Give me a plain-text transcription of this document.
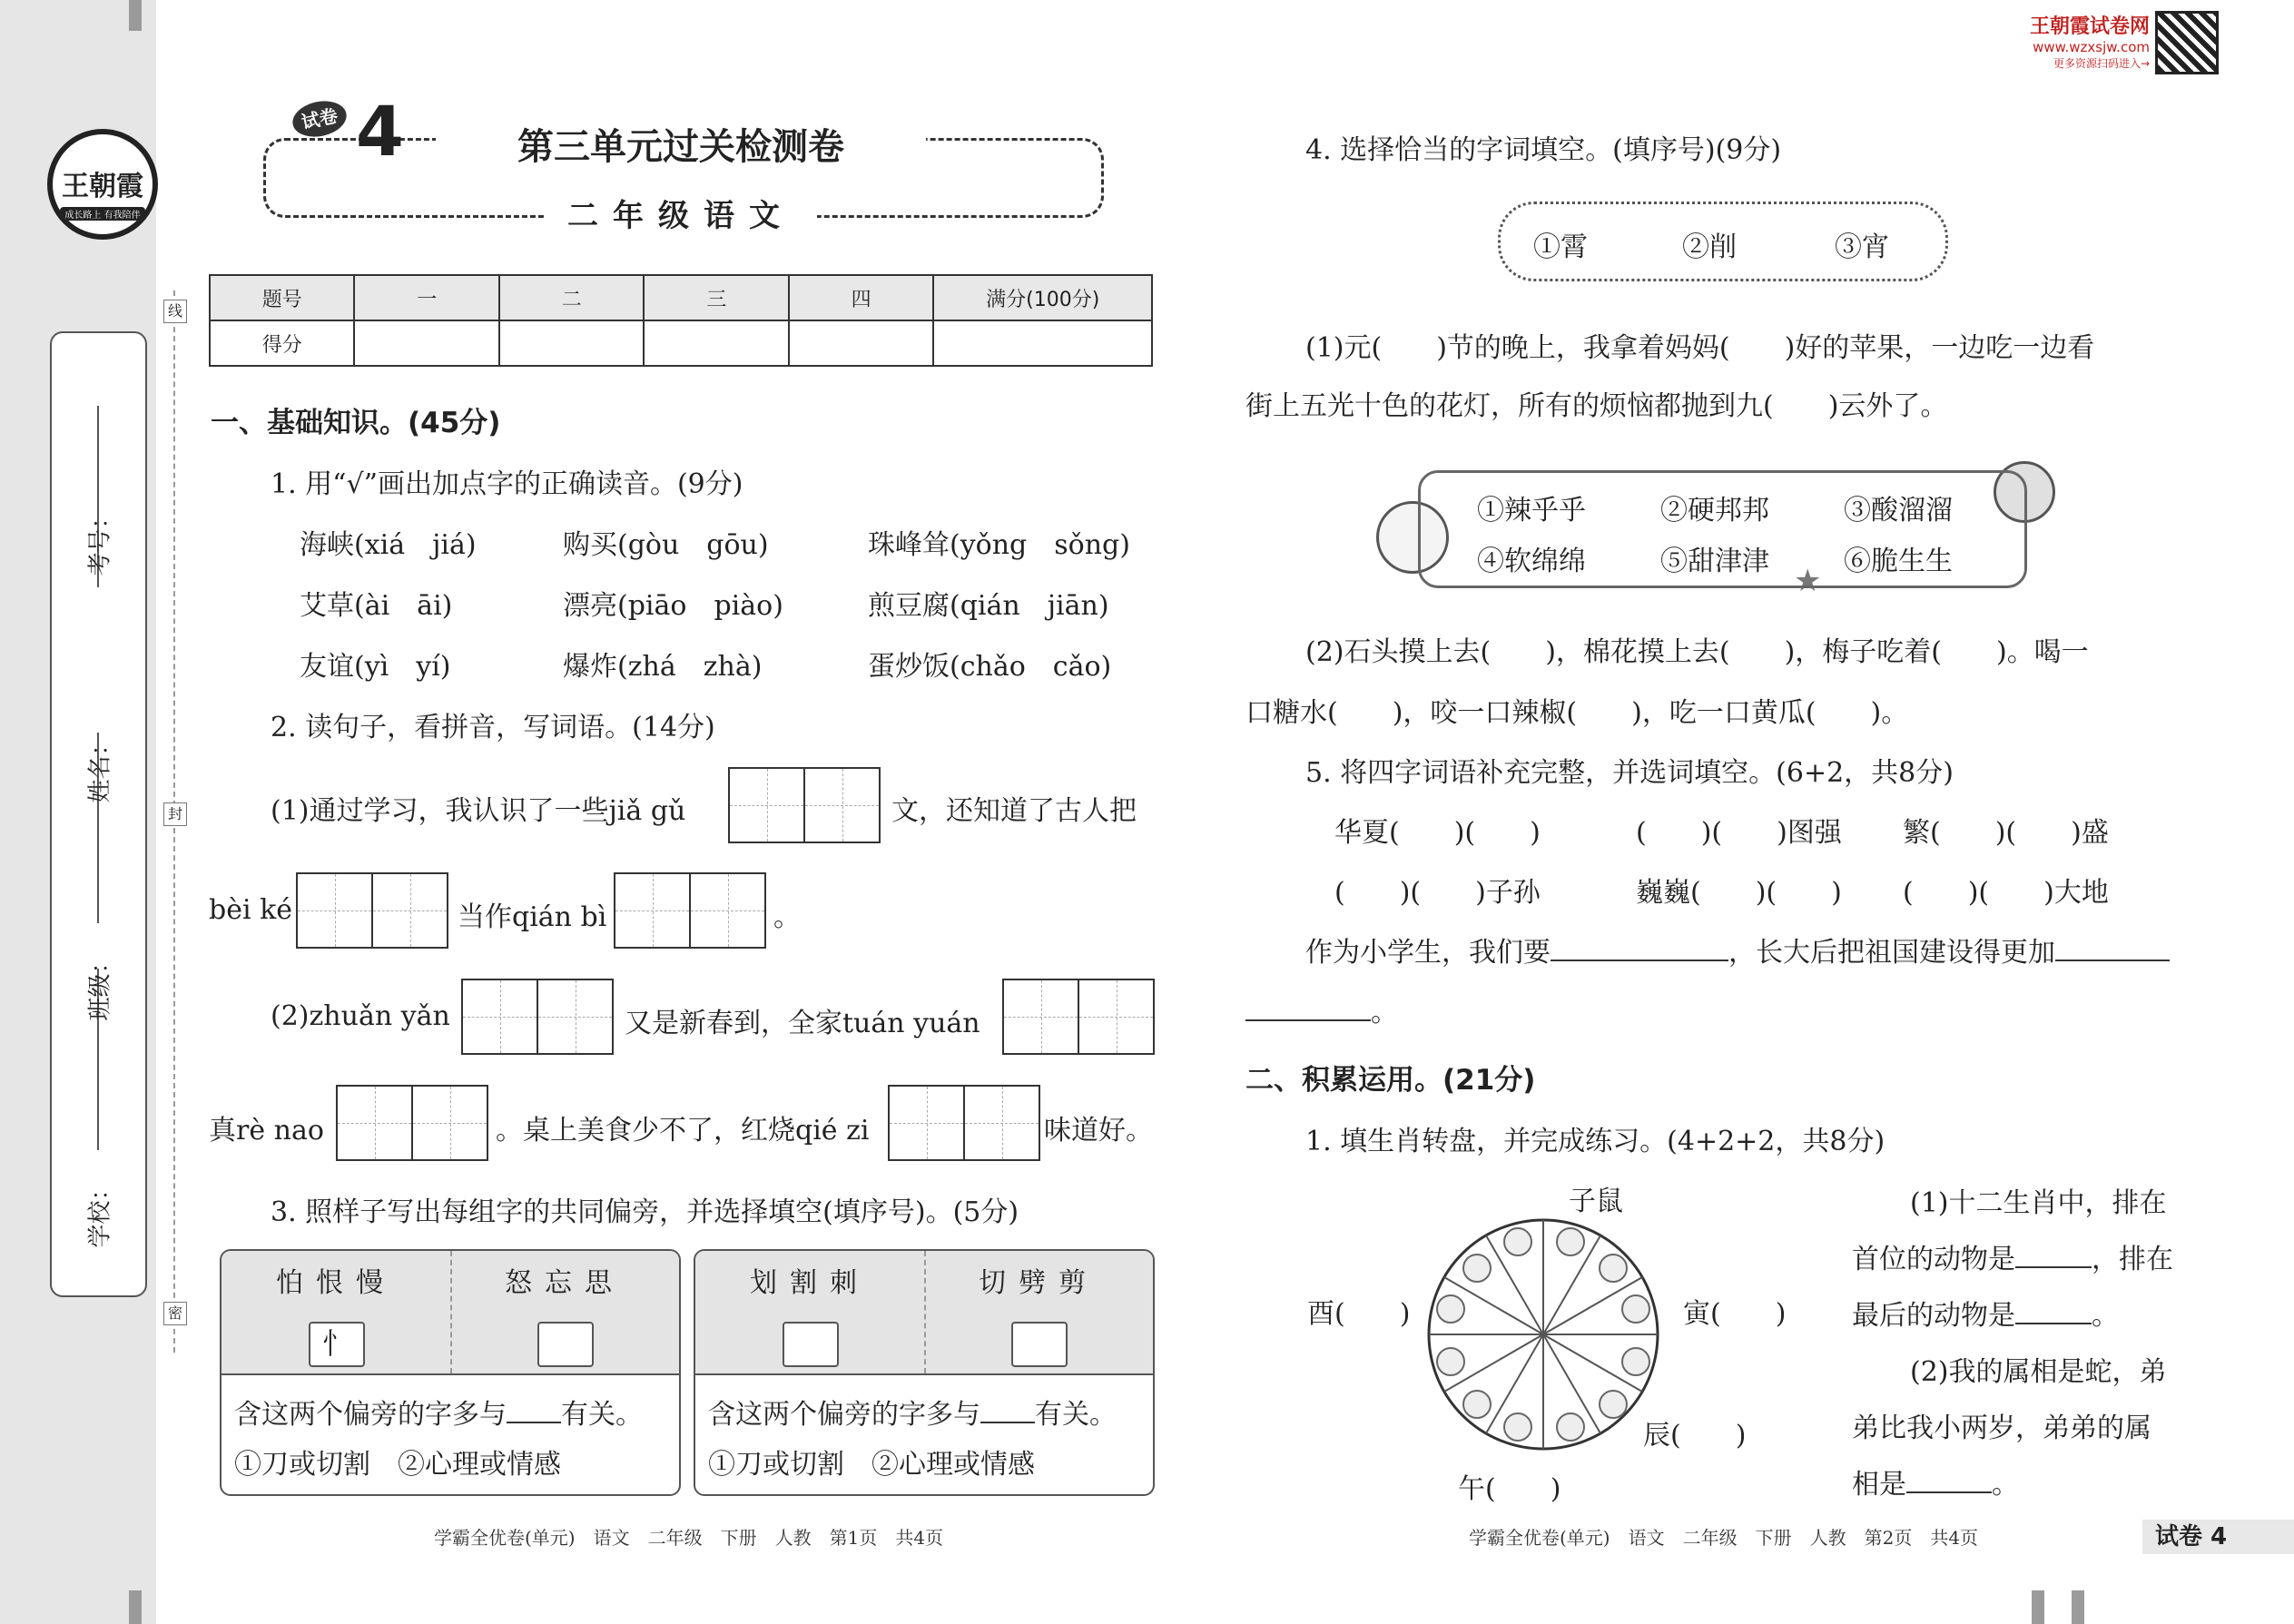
王朝霞
成长路上 有我陪伴
学校：
班级：
姓名：
考号：
线
封
密
王朝霞试卷网
www.wzxsjw.com
更多资源扫码进入→
试卷 4	第三单元过关检测卷
二年级语文
题号	一	二	三	四	满分(100分)
得分					
一、基础知识。(45分)
1. 用“√”画出加点字的正确读音。(9分)
海峡(xiá　jiá)	购买(gòu　gōu)	珠峰耸(yǒng　sǒng)
艾草(ài　āi)	漂亮(piāo　piào)	煎豆腐(qián　jiān)
友谊(yì　yí)	爆炸(zhá　zhà)	蛋炒饭(chǎo　cǎo)
2. 读句子，看拼音，写词语。(14分)
(1)通过学习，我认识了一些jiǎ gǔ	文，还知道了古人把
bèi ké	当作qián bì	。
(2)zhuǎn yǎn	又是新春到，全家tuán yuán
真rè nao	。桌上美食少不了，红烧qié zi	味道好。
3. 照样子写出每组字的共同偏旁，并选择填空(填序号)。(5分)
怕恨慢	怒忘思
忄
含这两个偏旁的字多与 有关。
①刀或切割　②心理或情感
划割刺	切劈剪
含这两个偏旁的字多与 有关。
①刀或切割　②心理或情感
学霸全优卷(单元)　语文　二年级　下册　人教　第1页　共4页
4. 选择恰当的字词填空。(填序号)(9分)
①霄	②削	③宵
(1)元(　　)节的晚上，我拿着妈妈(　　)好的苹果，一边吃一边看
街上五光十色的花灯，所有的烦恼都抛到九(　　)云外了。
★
①辣乎乎	②硬邦邦	③酸溜溜
④软绵绵	⑤甜津津	⑥脆生生
(2)石头摸上去(　　)，棉花摸上去(　　)，梅子吃着(　　)。喝一
口糖水(　　)，咬一口辣椒(　　)，吃一口黄瓜(　　)。
5. 将四字词语补充完整，并选词填空。(6+2，共8分)
华夏(　　)(　　)	(　　)(　　)图强 繁(　　)(　　)盛
(　　)(　　)子孙	巍巍(　　)(　　) (　　)(　　)大地
作为小学生，我们要	，长大后把祖国建设得更加
。
二、积累运用。(21分)
1. 填生肖转盘，并完成练习。(4+2+2，共8分)
子鼠
酉(　　)	寅(　　)
辰(　　)
午(　　)
(1)十二生肖中，排在
首位的动物是	，排在
最后的动物是	。
(2)我的属相是蛇，弟
弟比我小两岁，弟弟的属
相是	。
学霸全优卷(单元)　语文　二年级　下册　人教　第2页　共4页	试卷 4
